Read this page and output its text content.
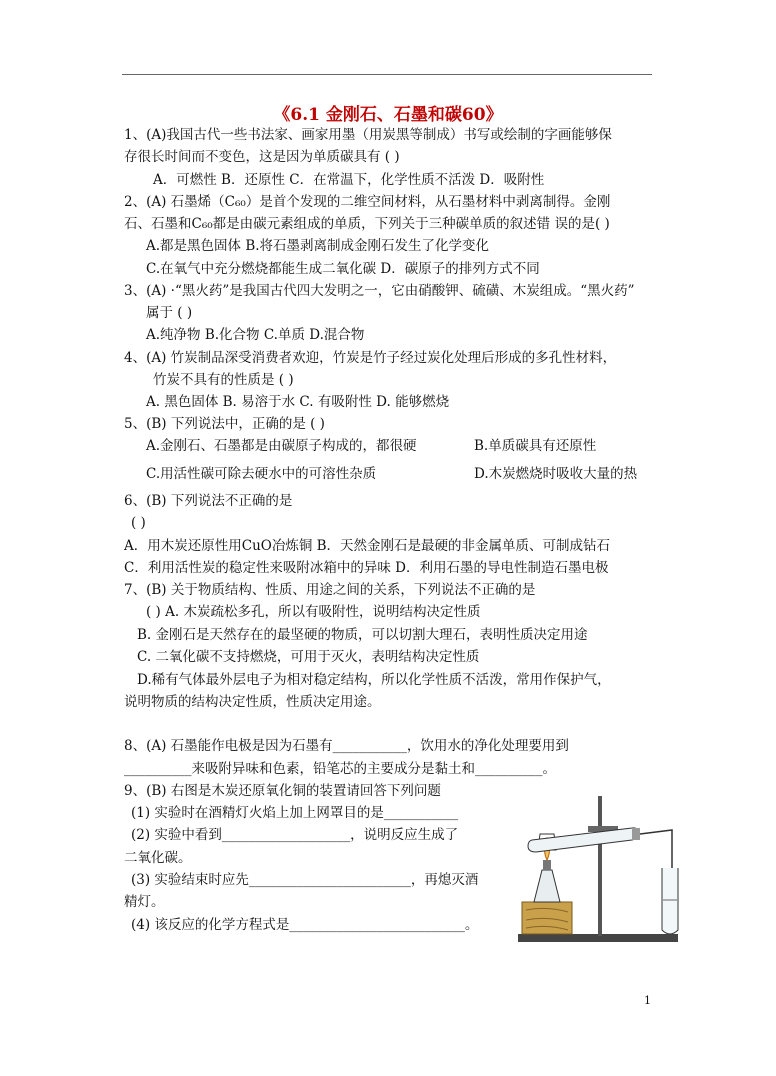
《6.1 金刚石、石墨和碳60》
1、(A)我国古代一些书法家、画家用墨（用炭黑等制成）书写或绘制的字画能够保
存很长时间而不变色，这是因为单质碳具有 ( )
A．可燃性 B．还原性 C．在常温下，化学性质不活泼 D．吸附性
2、(A) 石墨烯（C₆₀）是首个发现的二维空间材料，从石墨材料中剥离制得。金刚
石、石墨和C₆₀都是由碳元素组成的单质，下列关于三种碳单质的叙述错 误的是( )
A.都是黑色固体 B.将石墨剥离制成金刚石发生了化学变化
C.在氧气中充分燃烧都能生成二氧化碳 D．碳原子的排列方式不同
3、(A) ·“黑火药”是我国古代四大发明之一，它由硝酸钾、硫磺、木炭组成。“黑火药”
属于 ( )
A.纯净物 B.化合物 C.单质 D.混合物
4、(A) 竹炭制品深受消费者欢迎，竹炭是竹子经过炭化处理后形成的多孔性材料，
竹炭不具有的性质是 ( )
A. 黑色固体 B. 易溶于水 C. 有吸附性 D. 能够燃烧
5、(B) 下列说法中，正确的是 ( )
A.金刚石、石墨都是由碳原子构成的，都很硬	B.单质碳具有还原性
C.用活性碳可除去硬水中的可溶性杂质	D.木炭燃烧时吸收大量的热
6、(B) 下列说法不正确的是
( )
A．用木炭还原性用CuO冶炼铜 B．天然金刚石是最硬的非金属单质、可制成钻石
C．利用活性炭的稳定性来吸附冰箱中的异味 D．利用石墨的导电性制造石墨电极
7、(B) 关于物质结构、性质、用途之间的关系，下列说法不正确的是
( ) A. 木炭疏松多孔，所以有吸附性，说明结构决定性质
B. 金刚石是天然存在的最坚硬的物质，可以切割大理石，表明性质决定用途
C. 二氧化碳不支持燃烧，可用于灭火，表明结构决定性质
D.稀有气体最外层电子为相对稳定结构，所以化学性质不活泼，常用作保护气，
说明物质的结构决定性质，性质决定用途。
8、(A) 石墨能作电极是因为石墨有___________，饮用水的净化处理要用到
__________来吸附异味和色素，铅笔芯的主要成分是黏土和__________。
9、(B) 右图是木炭还原氧化铜的装置请回答下列问题
(1) 实验时在酒精灯火焰上加上网罩目的是___________
(2) 实验中看到___________________，说明反应生成了
二氧化碳。
(3) 实验结束时应先________________________，再熄灭酒
精灯。
(4) 该反应的化学方程式是__________________________。
1
